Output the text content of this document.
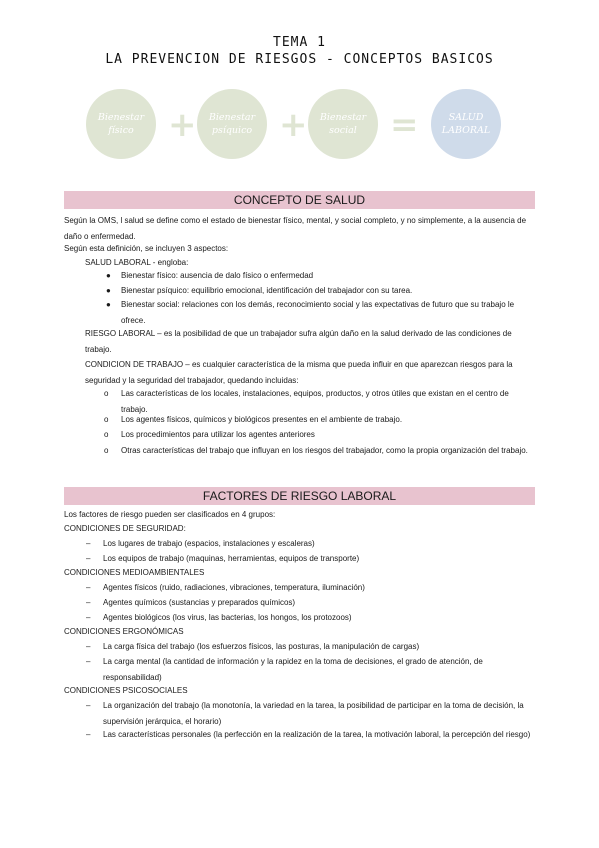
TEMA 1
LA PREVENCION DE RIESGOS - CONCEPTOS BASICOS
Bienestar físico	+	Bienestar psíquico +	Bienestar social =	SALUD LABORAL
CONCEPTO DE SALUD
Según la OMS, l salud se define como el estado de bienestar físico, mental, y social completo, y no simplemente, a la ausencia de daño o enfermedad.
Según esta definición, se incluyen 3 aspectos:
SALUD LABORAL - engloba:
● Bienestar físico: ausencia de dalo físico o enfermedad
● Bienestar psíquico: equilibrio emocional, identificación del trabajador con su tarea.
● Bienestar social: relaciones con los demás, reconocimiento social y las expectativas de futuro que su trabajo le ofrece.
RIESGO LABORAL – es la posibilidad de que un trabajador sufra algún daño en la salud derivado de las condiciones de trabajo.
CONDICION DE TRABAJO – es cualquier característica de la misma que pueda influir en que aparezcan riesgos para la seguridad y la seguridad del trabajador, quedando incluidas:
o Las características de los locales, instalaciones, equipos, productos, y otros útiles que existan en el centro de trabajo.
o Los agentes físicos, químicos y biológicos presentes en el ambiente de trabajo.
o Los procedimientos para utilizar los agentes anteriores
o Otras características del trabajo que influyan en los riesgos del trabajador, como la propia organización del trabajo.
FACTORES DE RIESGO LABORAL
Los factores de riesgo pueden ser clasificados en 4 grupos:
CONDICIONES DE SEGURIDAD:
– Los lugares de trabajo (espacios, instalaciones y escaleras)
– Los equipos de trabajo (maquinas, herramientas, equipos de transporte)
CONDICIONES MEDIOAMBIENTALES
– Agentes físicos (ruido, radiaciones, vibraciones, temperatura, iluminación)
– Agentes químicos (sustancias y preparados químicos)
– Agentes biológicos (los virus, las bacterias, los hongos, los protozoos)
CONDICIONES ERGONÓMICAS
– La carga física del trabajo (los esfuerzos físicos, las posturas, la manipulación de cargas)
– La carga mental (la cantidad de información y la rapidez en la toma de decisiones, el grado de atención, de responsabilidad)
CONDICIONES PSICOSOCIALES
– La organización del trabajo (la monotonía, la variedad en la tarea, la posibilidad de participar en la toma de decisión, la supervisión jerárquica, el horario)
– Las características personales (la perfección en la realización de la tarea, la motivación laboral, la percepción del riesgo)
